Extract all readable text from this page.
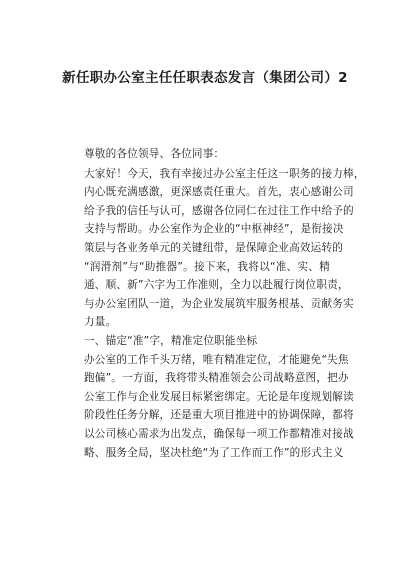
新任职办公室主任任职表态发言（集团公司）2
尊敬的各位领导、各位同事：
大家好！今天，我有幸接过办公室主任这一职务的接力棒，
内心既充满感激，更深感责任重大。首先，衷心感谢公司
给予我的信任与认可，感谢各位同仁在过往工作中给予的
支持与帮助。办公室作为企业的“中枢神经”，是衔接决
策层与各业务单元的关键纽带，是保障企业高效运转的
“润滑剂”与“助推器”。接下来，我将以“准、实、精
通、顺、新”六字为工作准则，全力以赴履行岗位职责，
与办公室团队一道，为企业发展筑牢服务根基、贡献务实
力量。
一、锚定“准”字，精准定位职能坐标
办公室的工作千头万绪，唯有精准定位，才能避免“失焦
跑偏”。一方面，我将带头精准领会公司战略意图，把办
公室工作与企业发展目标紧密绑定。无论是年度规划解读
阶段性任务分解，还是重大项目推进中的协调保障，都将
以公司核心需求为出发点，确保每一项工作都精准对接战
略、服务全局，坚决杜绝“为了工作而工作”的形式主义
